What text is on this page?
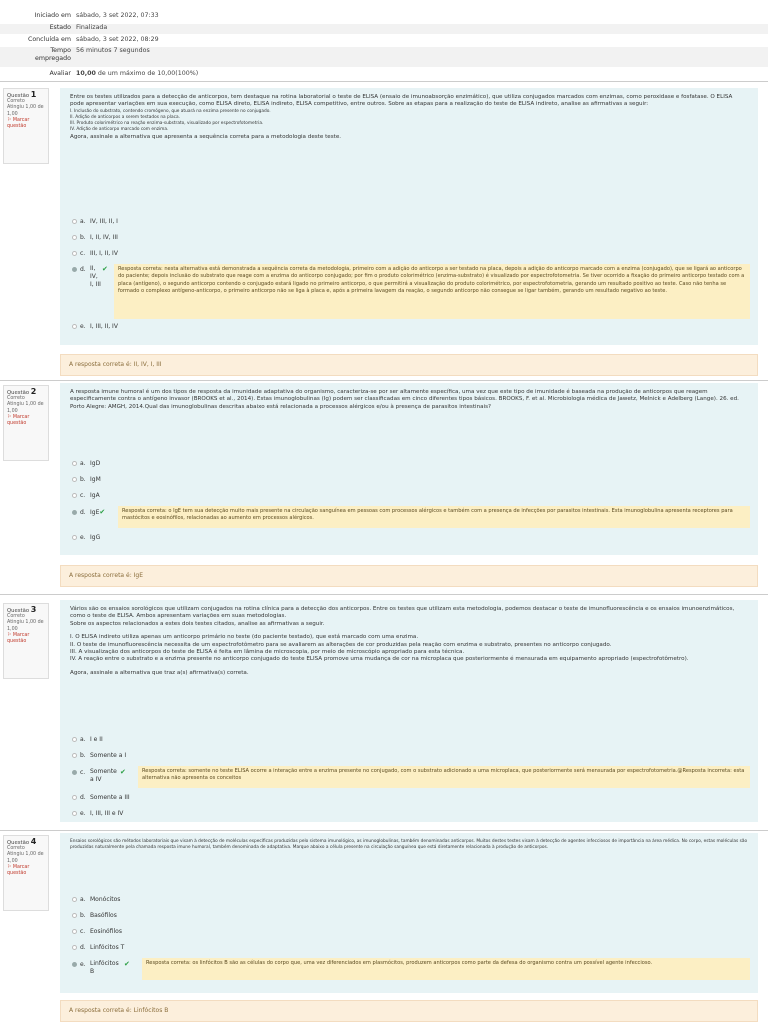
Iniciado em sábado, 3 set 2022, 07:33
Estado Finalizada
Concluída em sábado, 3 set 2022, 08:29
Tempo empregado
56 minutos 7 segundos
Avaliar 10,00 de um máximo de 10,00(100%)
Questão 1
Correto
Atingiu 1,00 de 1,00
⚐ Marcar questão
Entre os testes utilizados para a detecção de anticorpos, tem destaque na rotina laboratorial o teste de ELISA (ensaio de imunoabsorção enzimático), que utiliza conjugados marcados com enzimas, como peroxidase e fosfatase. O ELISA pode apresentar variações em sua execução, como ELISA direto, ELISA indireto, ELISA competitivo, entre outros. Sobre as etapas para a realização do teste de ELISA indireto, analise as afirmativas a seguir:
I. Inclusão do substrato, contendo cromógeno, que atuará na enzima presente no conjugado.
II. Adição de anticorpos a serem testados na placa.
III. Produto colorimétrico na reação enzima-substrato, visualizado por espectrofotometria.
IV. Adição de anticorpo marcado com enzima.
Agora, assinale a alternativa que apresenta a sequência correta para a metodologia deste teste.
a. IV, III, II, I
b. I, II, IV, III
c. III, I, II, IV
d. II, IV, I, III✔	Resposta correta: nesta alternativa está demonstrada a sequência correta da metodologia, primeiro com a adição do anticorpo a ser testado na placa, depois a adição do anticorpo marcado com a enzima (conjugado), que se ligará ao anticorpo do paciente; depois inclusão do substrato que reage com a enzima do anticorpo conjugado; por fim o produto colorimétrico (enzima-substrato) é visualizado por espectrofotometria. Se tiver ocorrido a fixação do primeiro anticorpo testado com a placa (antígeno), o segundo anticorpo contendo o conjugado estará ligado no primeiro anticorpo, o que permitirá a visualização do produto colorimétrico, por espectrofotometria, gerando um resultado positivo ao teste. Caso não tenha se formado o complexo antígeno-anticorpo, o primeiro anticorpo não se liga à placa e, após a primeira lavagem da reação, o segundo anticorpo não consegue se ligar também, gerando um resultado negativo ao teste.
e. I, III, II, IV
A resposta correta é: II, IV, I, III
Questão 2
Correto
Atingiu 1,00 de 1,00
⚐ Marcar questão
A resposta imune humoral é um dos tipos de resposta da imunidade adaptativa do organismo, caracteriza-se por ser altamente específica, uma vez que este tipo de imunidade é baseada na produção de anticorpos que reagem especificamente contra o antígeno invasor (BROOKS et al., 2014). Estas imunoglobulinas (Ig) podem ser classificadas em cinco diferentes tipos básicos. BROOKS, F. et al. Microbiologia médica de Jawetz, Melnick e Adelberg (Lange). 26. ed. Porto Alegre: AMGH, 2014.Qual das imunoglobulinas descritas abaixo está relacionada a processos alérgicos e/ou à presença de parasitos intestinais?
a. IgD
b. IgM
c. IgA
d. IgE✔	Resposta correta: o IgE tem sua detecção muito mais presente na circulação sanguínea em pessoas com processos alérgicos e também com a presença de infecções por parasitos intestinais. Esta imunoglobulina apresenta receptores para mastócitos e eosinófilos, relacionadas ao aumento em processos alérgicos.
e. IgG
A resposta correta é: IgE
Questão 3
Correto
Atingiu 1,00 de 1,00
⚐ Marcar questão
Vários são os ensaios sorológicos que utilizam conjugados na rotina clínica para a detecção dos anticorpos. Entre os testes que utilizam esta metodologia, podemos destacar o teste de imunofluorescência e os ensaios imunoenzimáticos, como o teste de ELISA. Ambos apresentam variações em suas metodologias.
Sobre os aspectos relacionados a estes dois testes citados, analise as afirmativas a seguir.
I. O ELISA indireto utiliza apenas um anticorpo primário no teste (do paciente testado), que está marcado com uma enzima.
II. O teste de imunofluorescência necessita de um espectrofotômetro para se avaliarem as alterações de cor produzidas pela reação com enzima e substrato, presentes no anticorpo conjugado.
III. A visualização dos anticorpos do teste de ELISA é feita em lâmina de microscopia, por meio de microscópio apropriado para esta técnica.
IV. A reação entre o substrato e a enzima presente no anticorpo conjugado do teste ELISA promove uma mudança de cor na microplaca que posteriormente é mensurada em equipamento apropriado (espectrofotômetro).
Agora, assinale a alternativa que traz a(s) afirmativa(s) correta.
a. I e II
b. Somente a I
c. Somente a IV✔	Resposta correta: somente no teste ELISA ocorre a interação entre a enzima presente no conjugado, com o substrato adicionado a uma microplaca, que posteriormente será mensurada por espectrofotometria.@Resposta incorreta: esta alternativa não apresenta os conceitos
d. Somente a III
e. I, III, III e IV
Questão 4
Correto
Atingiu 1,00 de 1,00
⚐ Marcar questão
Ensaios sorológicos são métodos laboratoriais que visam à detecção de moléculas específicas produzidas pelo sistema imunológico, as imunoglobulinas, também denominadas anticorpos. Muitos destes testes visam à detecção de agentes infecciosos de importância na área médica. No corpo, estas moléculas são produzidas naturalmente pela chamada resposta imune humoral, também denominada de adaptativa. Marque abaixo a célula presente na circulação sanguínea que está diretamente relacionada à produção de anticorpos.
a. Monócitos
b. Basófilos
c. Eosinófilos
d. Linfócitos T
e. Linfócitos B✔	Resposta correta: os linfócitos B são as células do corpo que, uma vez diferenciados em plasmócitos, produzem anticorpos como parte da defesa do organismo contra um possível agente infeccioso.
A resposta correta é: Linfócitos B
